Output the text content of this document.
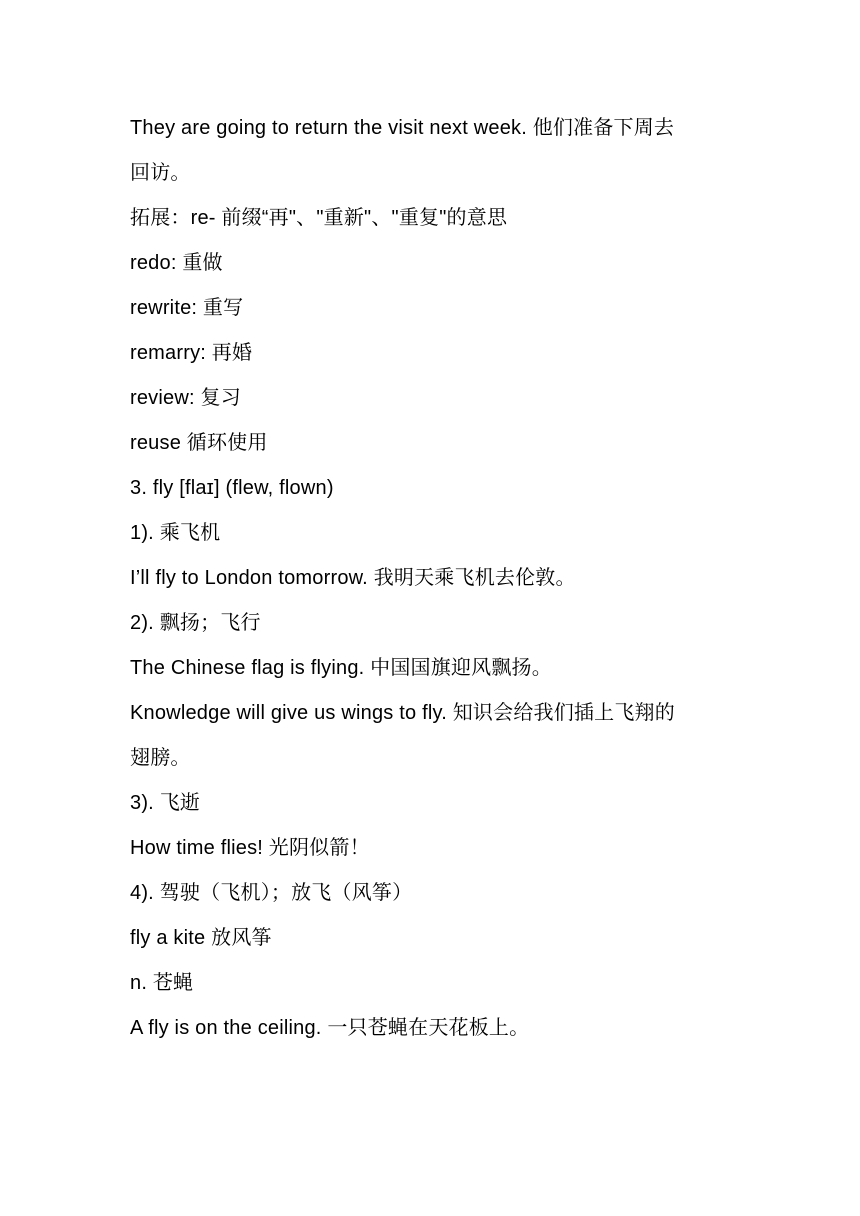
They are going to return the visit next week. 他们准备下周去
回访。
拓展：re- 前缀“再"、"重新"、"重复"的意思
redo: 重做
rewrite: 重写
remarry: 再婚
review: 复习
reuse 循环使用
3. fly [flaɪ] (flew, flown)
1). 乘飞机
I’ll fly to London tomorrow. 我明天乘飞机去伦敦。
2). 飘扬；飞行
The Chinese flag is flying. 中国国旗迎风飘扬。
Knowledge will give us wings to fly. 知识会给我们插上飞翔的
翅膀。
3). 飞逝
How time flies! 光阴似箭！
4). 驾驶（飞机）；放飞（风筝）
fly a kite 放风筝
n. 苍蝇
A fly is on the ceiling. 一只苍蝇在天花板上。
